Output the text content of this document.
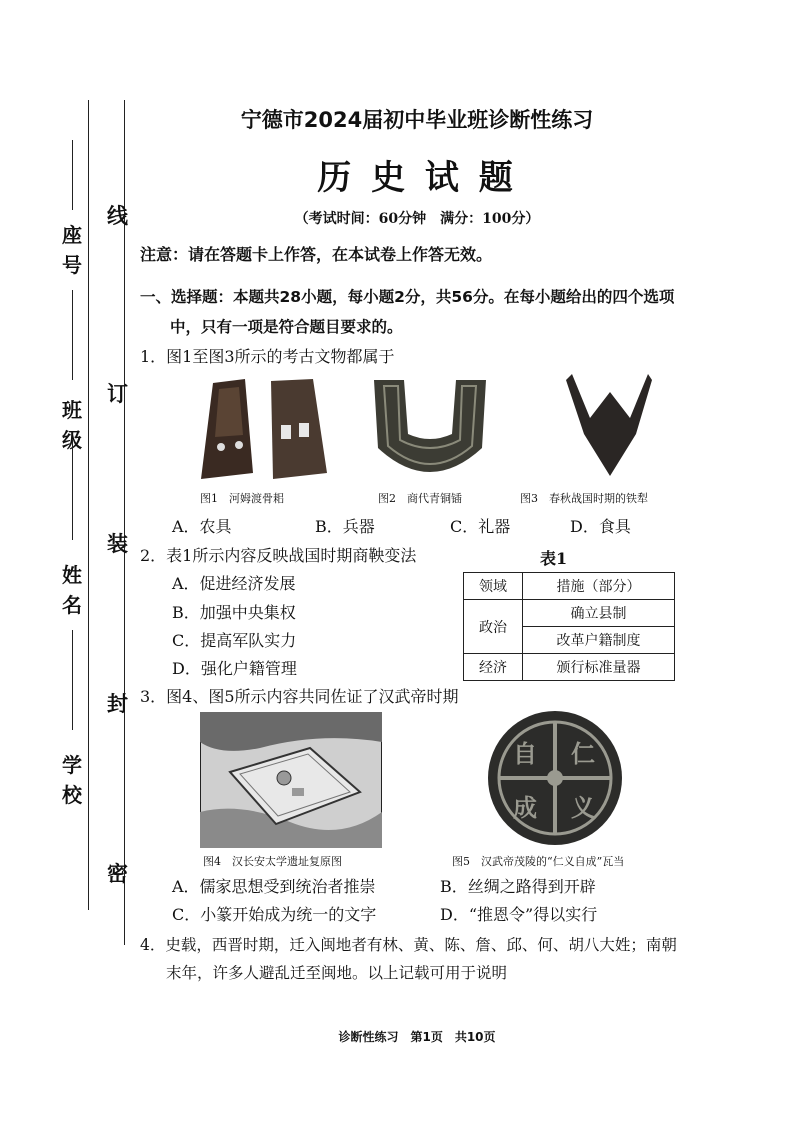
线
订
装
封
密
座号
班级
姓名
学校
宁德市2024届初中毕业班诊断性练习
历 史 试 题
（考试时间：60分钟　满分：100分）
注意：请在答题卡上作答，在本试卷上作答无效。
一、选择题：本题共28小题，每小题2分，共56分。在每小题给出的四个选项
中，只有一项是符合题目要求的。
1．图1至图3所示的考古文物都属于
图1　河姆渡骨耜	图2　商代青铜锸	图3　春秋战国时期的铁犁
A．农具	B．兵器	C．礼器	D．食具
2．表1所示内容反映战国时期商鞅变法	表1
A．促进经济发展
B．加强中央集权
C．提高军队实力
D．强化户籍管理
领域	措施（部分）
政治	确立县制
	改革户籍制度
经济	颁行标准量器
3．图4、图5所示内容共同佐证了汉武帝时期
仁
义
自
成
图4　汉长安太学遗址复原图	图5　汉武帝茂陵的“仁义自成”瓦当
A．儒家思想受到统治者推崇	B．丝绸之路得到开辟
C．小篆开始成为统一的文字	D．“推恩令”得以实行
4．史载，西晋时期，迁入闽地者有林、黄、陈、詹、邱、何、胡八大姓；南朝
末年，许多人避乱迁至闽地。以上记载可用于说明
诊断性练习　第1页　共10页
